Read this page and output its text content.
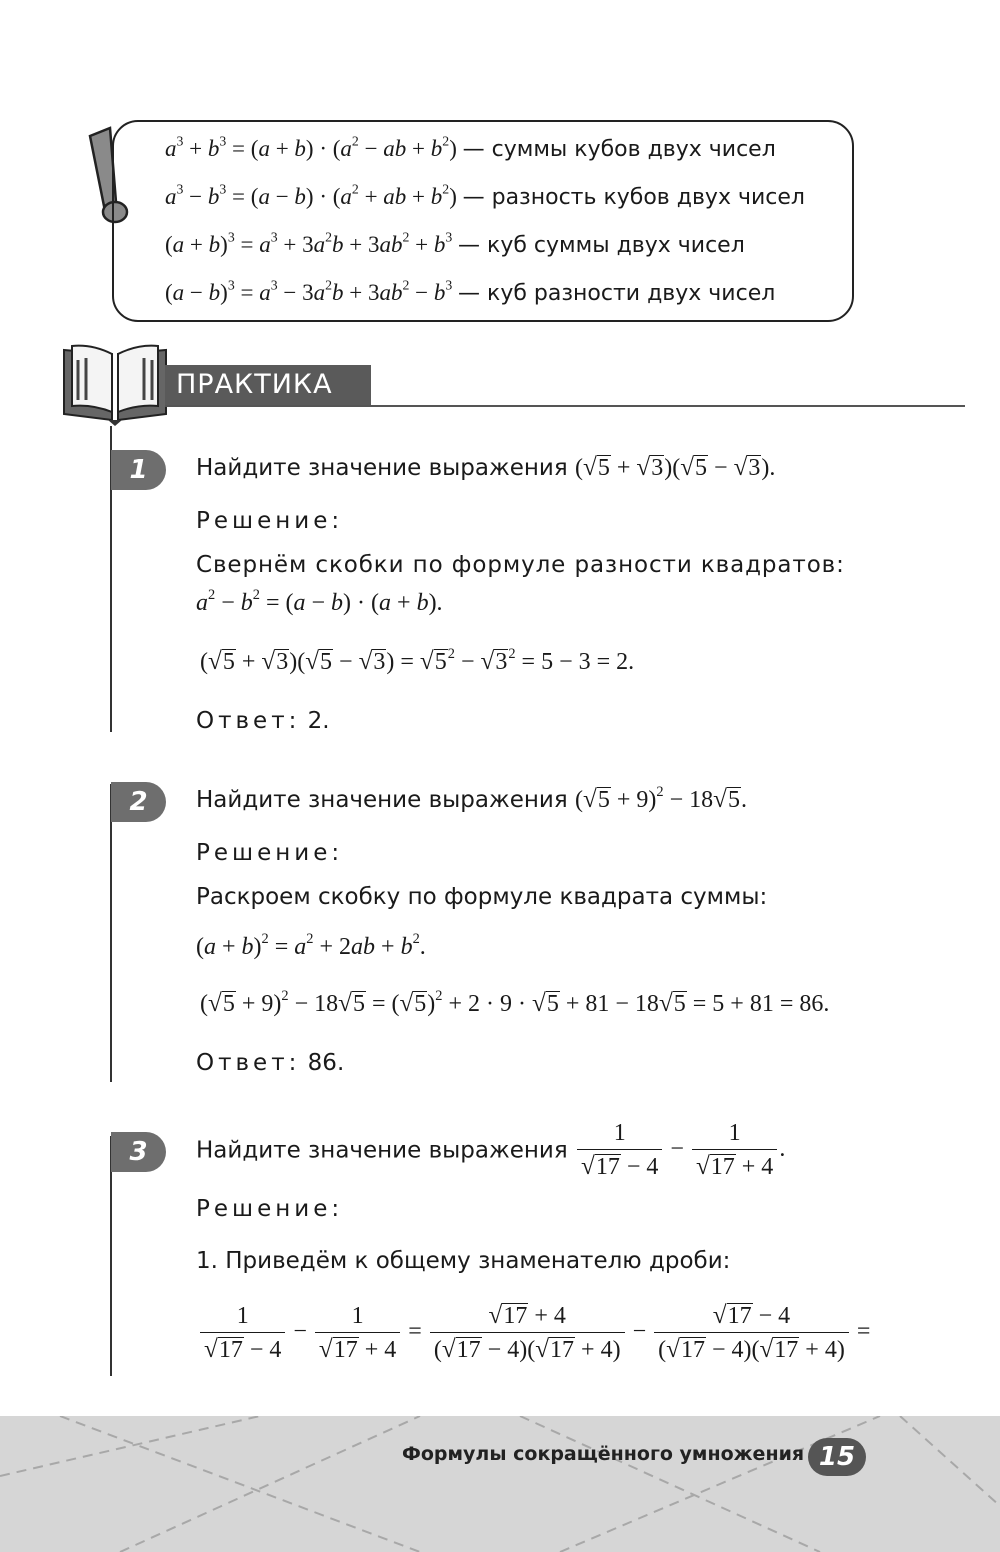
$a^3 + b^3 = (a + b) \cdot (a^2$ − ab + $b^2$) — суммы кубов двух чисел
$a^3 - b^3 = (a - b) \cdot (a^2$ + ab + $b^2$) — разность кубов двух чисел
$(a + b)^3 = a^3 + 3a^2b + 3ab^2 + b^3$ — куб суммы двух чисел
$(a - b)^3 = a^3 - 3a^2b + 3ab^2 - b^3$ — куб разности двух чисел
ПРАКТИКА
1	Найдите значение выражения (√5 + √3)(√5 − √3).
Решение:
Свернём скобки по формуле разности квадратов:
$a^2 - b^2 = (a - b) \cdot (a + b)$.
$(√5 + √3)(√5 - √3) = √5^2 - √3^2 = 5 - 3 = 2$.
Ответ: 2.
2	Найдите значение выражения $(√5 + 9)^2 - 18√5$.
Решение:
Раскроем скобку по формуле квадрата суммы:
$(a + b)^2 = a^2 + 2ab + b^2$.
$(√5 + 9)^2 - 18√5 = (√5)^2 + 2 \cdot 9 \cdot √5 + 81 - 18√5 = 5 + 81 = 86$.
Ответ: 86.
3	Найдите значение выражения $\frac{1}{√17 - 4} - \frac{1}{√17 + 4}$ .
Решение:
1. Приведём к общему знаменателю дроби:
$\frac{1}{√17 - 4} - \frac{1}{√17 + 4} = \frac{√17 + 4}{(√17 - 4)(√17 + 4)} - \frac{√17 - 4}{(√17 - 4)(√17 + 4)}$ =
Формулы сокращённого умножения 15
